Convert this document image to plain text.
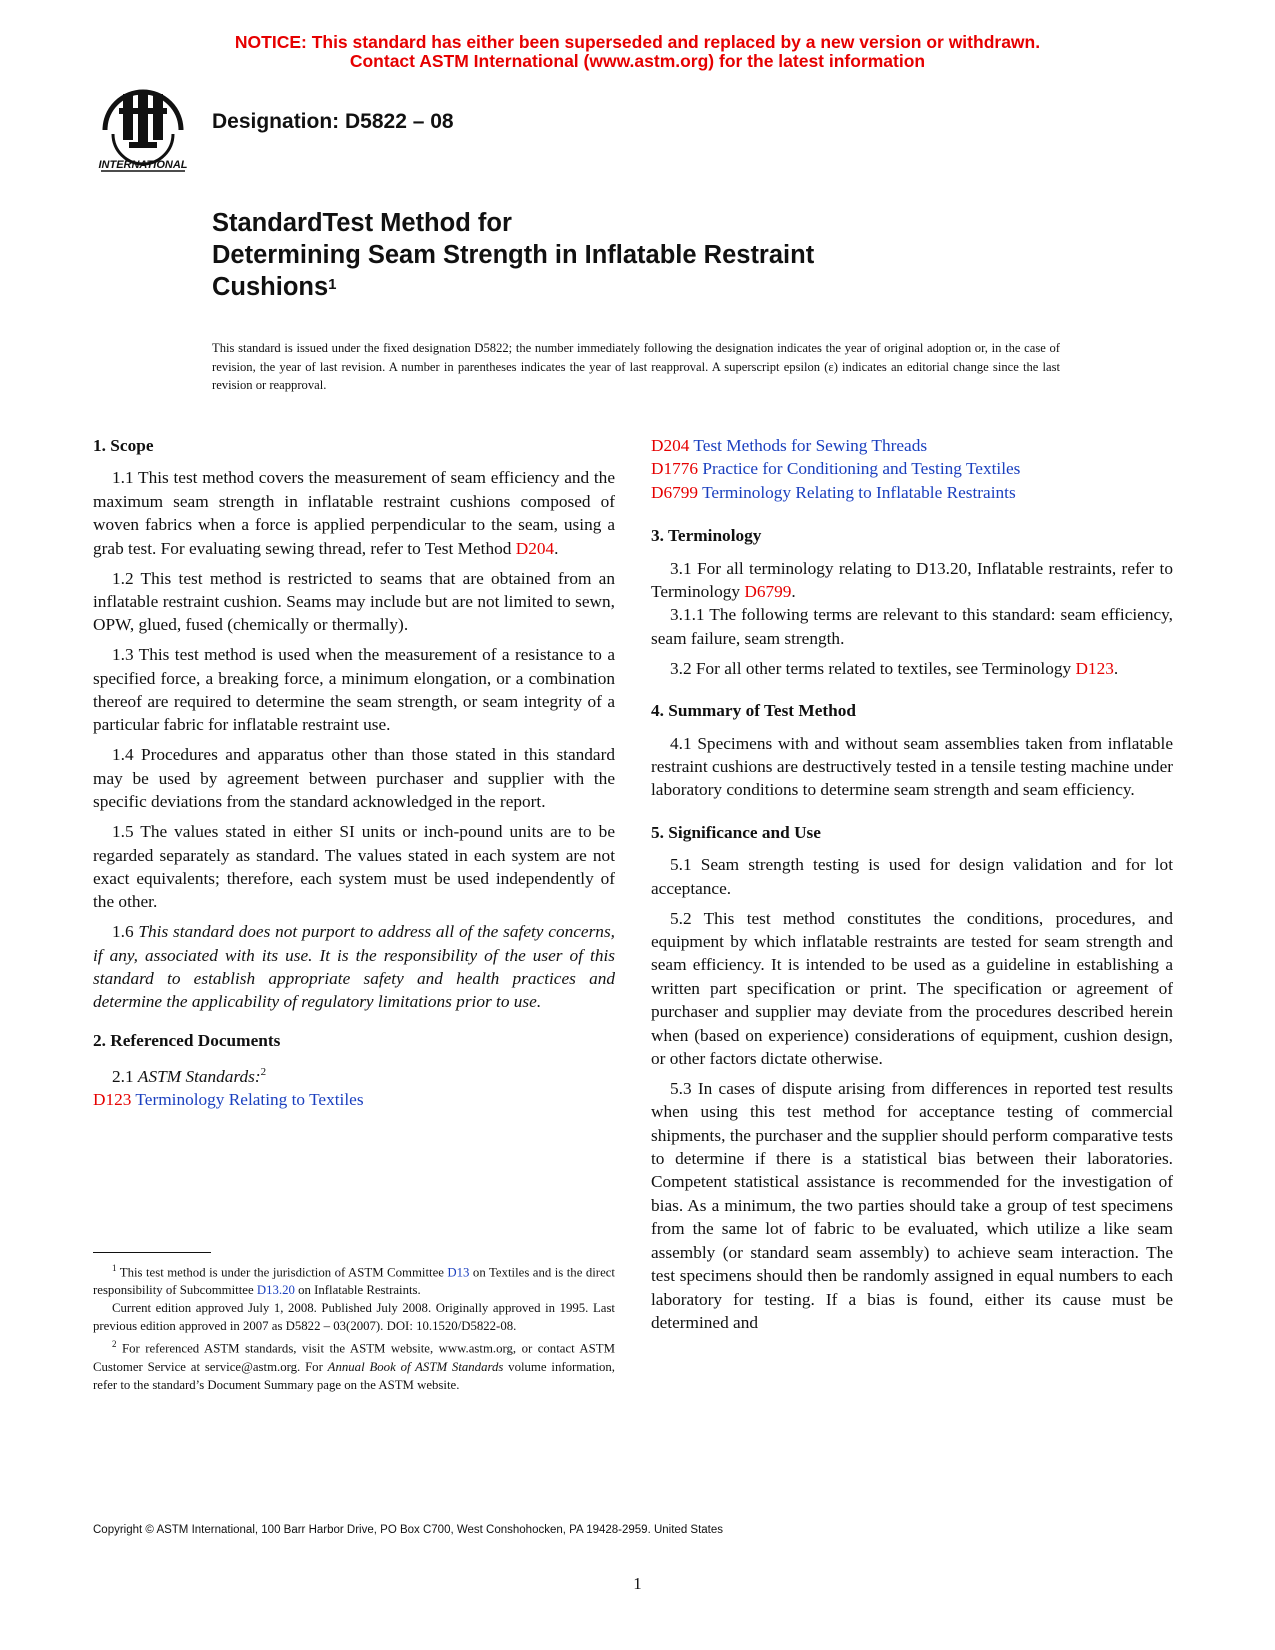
NOTICE: This standard has either been superseded and replaced by a new version or withdrawn.
Contact ASTM International (www.astm.org) for the latest information
INTERNATIONAL
Designation: D5822 – 08
StandardTest Method for
Determining Seam Strength in Inflatable Restraint
Cushions$^1$
This standard is issued under the fixed designation D5822; the number immediately following the designation indicates the year of original adoption or, in the case of revision, the year of last revision. A number in parentheses indicates the year of last reapproval. A superscript epsilon (ε) indicates an editorial change since the last revision or reapproval.
1. Scope

1.1 This test method covers the measurement of seam efficiency and the maximum seam strength in inflatable restraint cushions composed of woven fabrics when a force is applied perpendicular to the seam, using a grab test. For evaluating sewing thread, refer to Test Method D204.

1.2 This test method is restricted to seams that are obtained from an inflatable restraint cushion. Seams may include but are not limited to sewn, OPW, glued, fused (chemically or thermally).

1.3 This test method is used when the measurement of a resistance to a specified force, a breaking force, a minimum elongation, or a combination thereof are required to determine the seam strength, or seam integrity of a particular fabric for inflatable restraint use.

1.4 Procedures and apparatus other than those stated in this standard may be used by agreement between purchaser and supplier with the specific deviations from the standard acknowledged in the report.

1.5 The values stated in either SI units or inch-pound units are to be regarded separately as standard. The values stated in each system are not exact equivalents; therefore, each system must be used independently of the other.

1.6 This standard does not purport to address all of the safety concerns, if any, associated with its use. It is the responsibility of the user of this standard to establish appropriate safety and health practices and determine the applicability of regulatory limitations prior to use.

2. Referenced Documents

2.1 ASTM Standards:$^2$

D123 Terminology Relating to Textiles

$^1$ This test method is under the jurisdiction of ASTM Committee D13 on Textiles and is the direct responsibility of Subcommittee D13.20 on Inflatable Restraints.

Current edition approved July 1, 2008. Published July 2008. Originally approved in 1995. Last previous edition approved in 2007 as D5822 – 03(2007). DOI: 10.1520/D5822-08.

$^2$ For referenced ASTM standards, visit the ASTM website, www.astm.org, or contact ASTM Customer Service at service@astm.org. For Annual Book of ASTM Standards volume information, refer to the standard’s Document Summary page on the ASTM website.

D204 Test Methods for Sewing Threads
D1776 Practice for Conditioning and Testing Textiles
D6799 Terminology Relating to Inflatable Restraints
3. Terminology

3.1 For all terminology relating to D13.20, Inflatable restraints, refer to Terminology D6799.

3.1.1 The following terms are relevant to this standard: seam efficiency, seam failure, seam strength.

3.2 For all other terms related to textiles, see Terminology D123.

4. Summary of Test Method

4.1 Specimens with and without seam assemblies taken from inflatable restraint cushions are destructively tested in a tensile testing machine under laboratory conditions to determine seam strength and seam efficiency.

5. Significance and Use

5.1 Seam strength testing is used for design validation and for lot acceptance.

5.2 This test method constitutes the conditions, procedures, and equipment by which inflatable restraints are tested for seam strength and seam efficiency. It is intended to be used as a guideline in establishing a written part specification or print. The specification or agreement of purchaser and supplier may deviate from the procedures described herein when (based on experience) considerations of equipment, cushion design, or other factors dictate otherwise.

5.3 In cases of dispute arising from differences in reported test results when using this test method for acceptance testing of commercial shipments, the purchaser and the supplier should perform comparative tests to determine if there is a statistical bias between their laboratories. Competent statistical assistance is recommended for the investigation of bias. As a minimum, the two parties should take a group of test specimens from the same lot of fabric to be evaluated, which utilize a like seam assembly (or standard seam assembly) to achieve seam interaction. The test specimens should then be randomly assigned in equal numbers to each laboratory for testing. If a bias is found, either its cause must be determined and

Copyright © ASTM International, 100 Barr Harbor Drive, PO Box C700, West Conshohocken, PA 19428-2959. United States
1
